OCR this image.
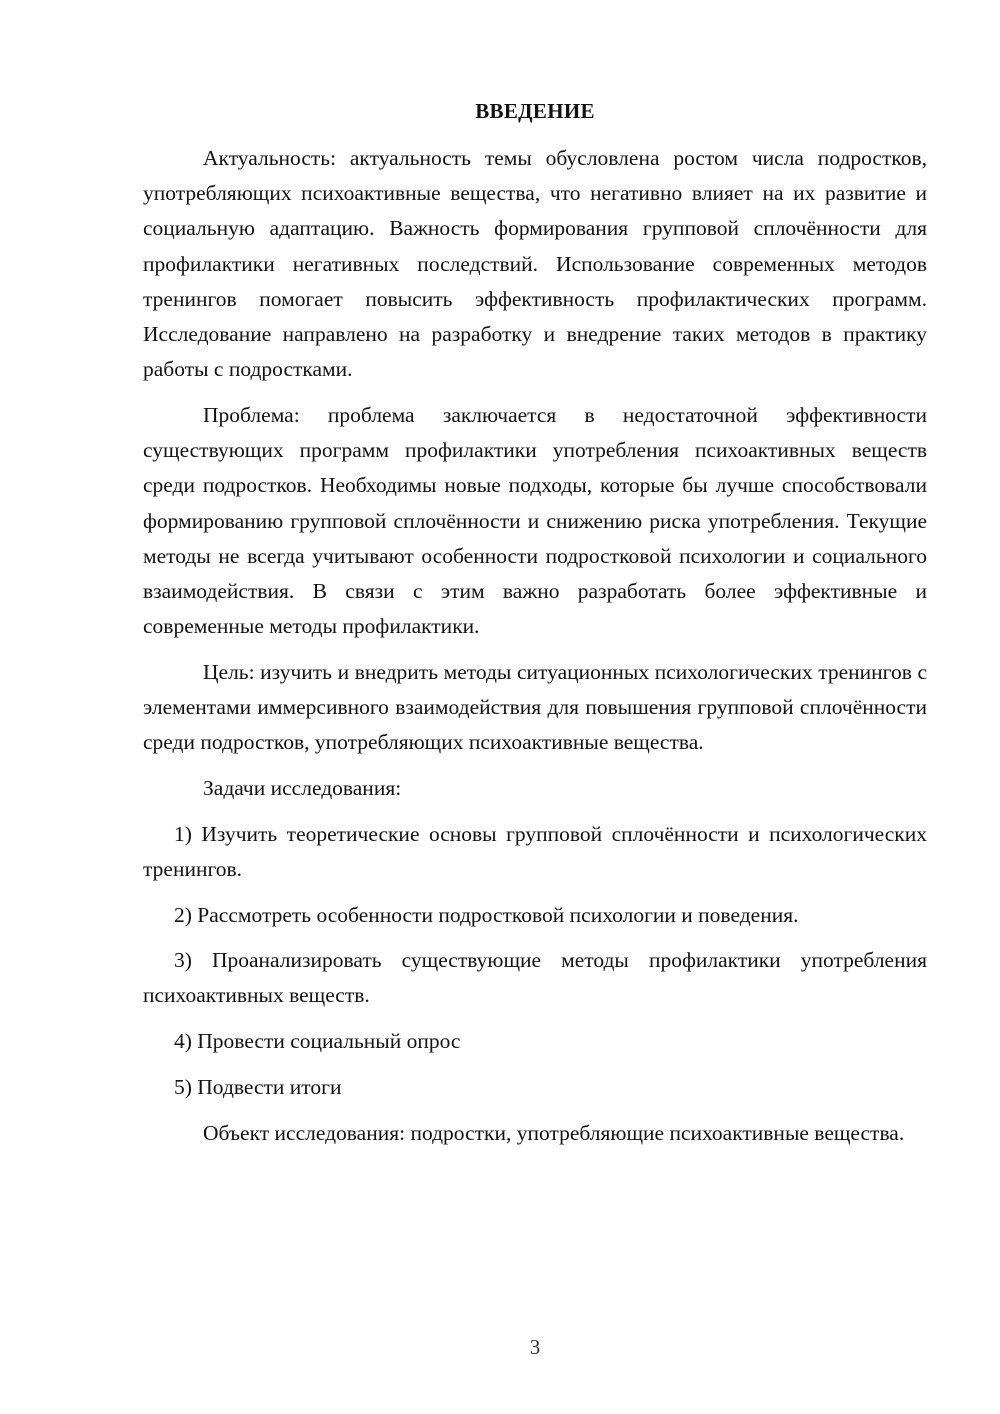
ВВЕДЕНИЕ

Актуальность: актуальность темы обусловлена ростом числа подростков, употребляющих психоактивные вещества, что негативно влияет на их развитие и социальную адаптацию. Важность формирования групповой сплочённости для профилактики негативных последствий. Использование современных методов тренингов помогает повысить эффективность профилактических программ. Исследование направлено на разработку и внедрение таких методов в практику работы с подростками.

Проблема: проблема заключается в недостаточной эффективности существующих программ профилактики употребления психоактивных веществ среди подростков. Необходимы новые подходы, которые бы лучше способствовали формированию групповой сплочённости и снижению риска употребления. Текущие методы не всегда учитывают особенности подростковой психологии и социального взаимодействия. В связи с этим важно разработать более эффективные и современные методы профилактики.

Цель: изучить и внедрить методы ситуационных психологических тренингов с элементами иммерсивного взаимодействия для повышения групповой сплочённости среди подростков, употребляющих психоактивные вещества.

Задачи исследования:

1) Изучить теоретические основы групповой сплочённости и психологических тренингов.

2) Рассмотреть особенности подростковой психологии и поведения.

3) Проанализировать существующие методы профилактики употребления психоактивных веществ.

4) Провести социальный опрос

5) Подвести итоги

Объект исследования: подростки, употребляющие психоактивные вещества.

3
